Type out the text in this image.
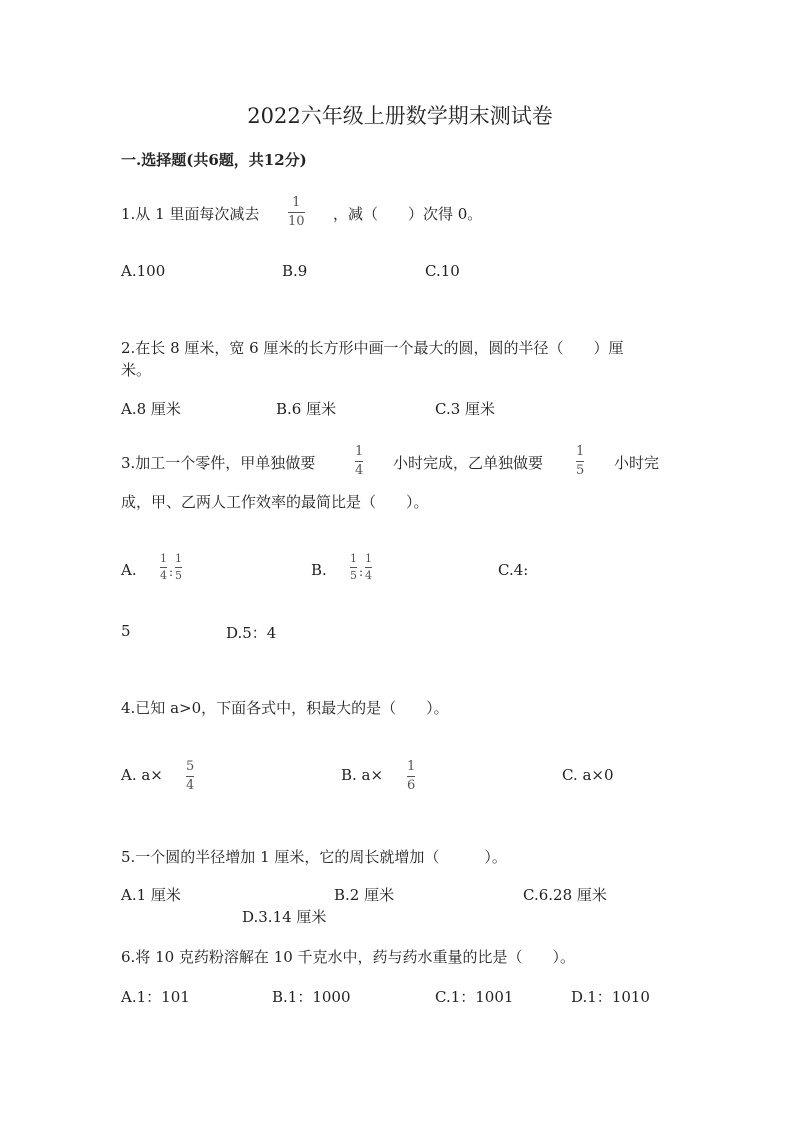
2022六年级上册数学期末测试卷
一.选择题(共6题，共12分)
1.从 1 里面每次减去
1
10 ，减（　　）次得 0。
A.100	B.9	C.10
2.在长 8 厘米，宽 6 厘米的长方形中画一个最大的圆，圆的半径（　　）厘
米。
A.8 厘米	B.6 厘米	C.3 厘米
3.加工一个零件，甲单独做要
1
4 小时完成，乙单独做要
1
5 小时完
成，甲、乙两人工作效率的最简比是（　　）。
A. $\frac{1}{4}$ : $\frac{1}{5}$	B. $\frac{1}{5}$ : $\frac{1}{4}$	C.4:
5	D.5：4
4.已知 a>0，下面各式中，积最大的是（　　）。
A. a× 5
4
B. a× 1
6
C. a×0
5.一个圆的半径增加 1 厘米，它的周长就增加（　　　）。
A.1 厘米	B.2 厘米	C.6.28 厘米
D.3.14 厘米
6.将 10 克药粉溶解在 10 千克水中，药与药水重量的比是（　　）。
A.1：101	B.1：1000	C.1：1001	D.1：1010
